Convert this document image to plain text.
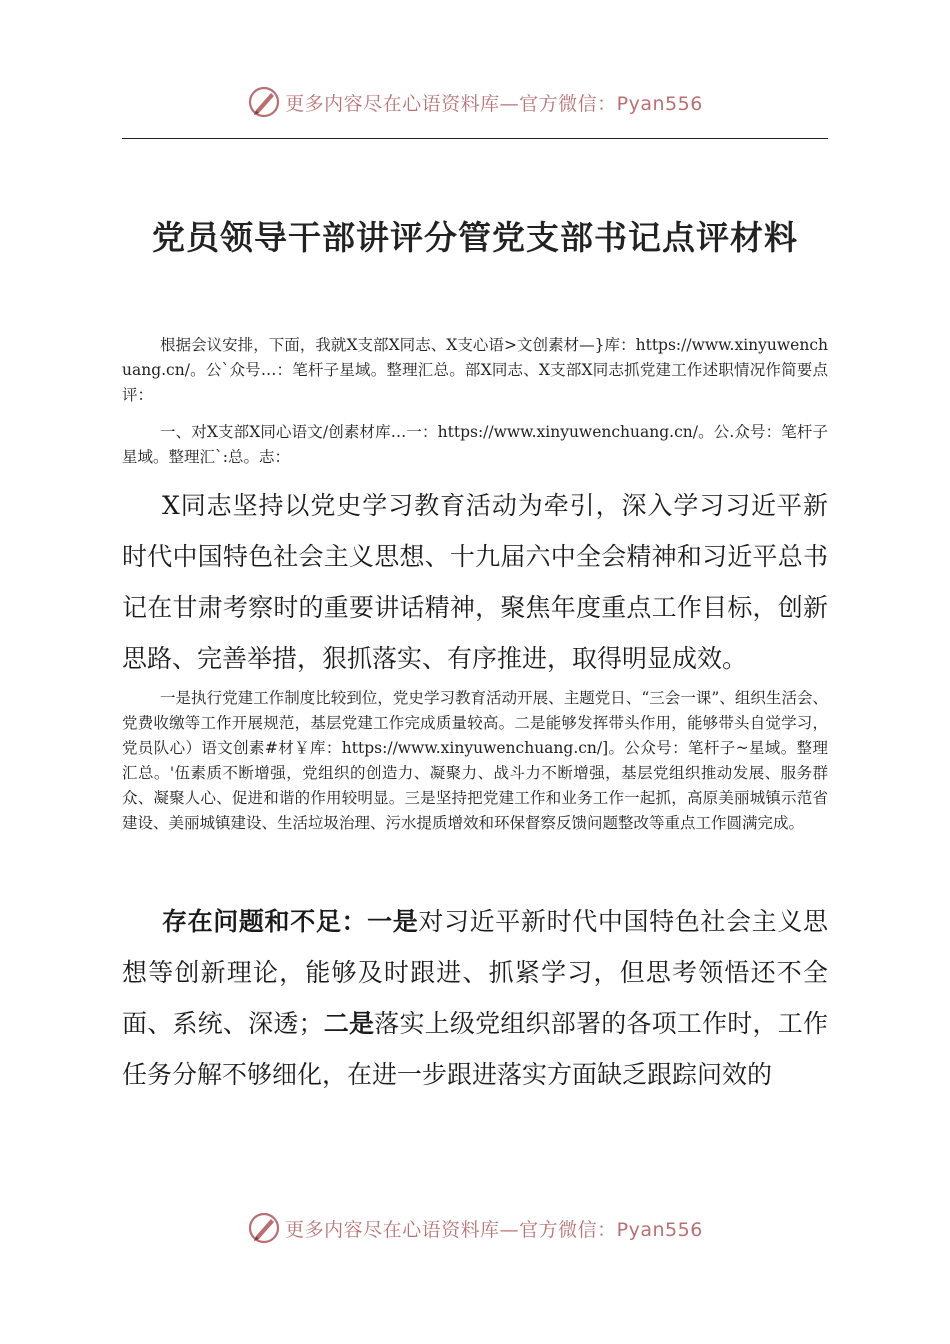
更多内容尽在心语资料库—官方微信：Pyan556
党员领导干部讲评分管党支部书记点评材料
根据会议安排，下面，我就X支部X同志、X支心语>文创素材—}库：https://www.xinyuwenchuang.cn/。公`众号…：笔杆子星域。整理汇总。部X同志、X支部X同志抓党建工作述职情况作简要点评：
一、对X支部X同心语文/创素材库…一：https://www.xinyuwenchuang.cn/。公.众号：笔杆子星域。整理汇`:总。志：
X同志坚持以党史学习教育活动为牵引，深入学习习近平新时代中国特色社会主义思想、十九届六中全会精神和习近平总书记在甘肃考察时的重要讲话精神，聚焦年度重点工作目标，创新思路、完善举措，狠抓落实、有序推进，取得明显成效。
一是执行党建工作制度比较到位，党史学习教育活动开展、主题党日、“三会一课”、组织生活会、党费收缴等工作开展规范，基层党建工作完成质量较高。二是能够发挥带头作用，能够带头自觉学习，党员队心）语文创素#材￥库：https://www.xinyuwenchuang.cn/]。公众号：笔杆子~星域。整理汇总。'伍素质不断增强，党组织的创造力、凝聚力、战斗力不断增强，基层党组织推动发展、服务群众、凝聚人心、促进和谐的作用较明显。三是坚持把党建工作和业务工作一起抓，高原美丽城镇示范省建设、美丽城镇建设、生活垃圾治理、污水提质增效和环保督察反馈问题整改等重点工作圆满完成。
存在问题和不足：一是对习近平新时代中国特色社会主义思想等创新理论，能够及时跟进、抓紧学习，但思考领悟还不全面、系统、深透；二是落实上级党组织部署的各项工作时，工作任务分解不够细化，在进一步跟进落实方面缺乏跟踪问效的
更多内容尽在心语资料库—官方微信：Pyan556
